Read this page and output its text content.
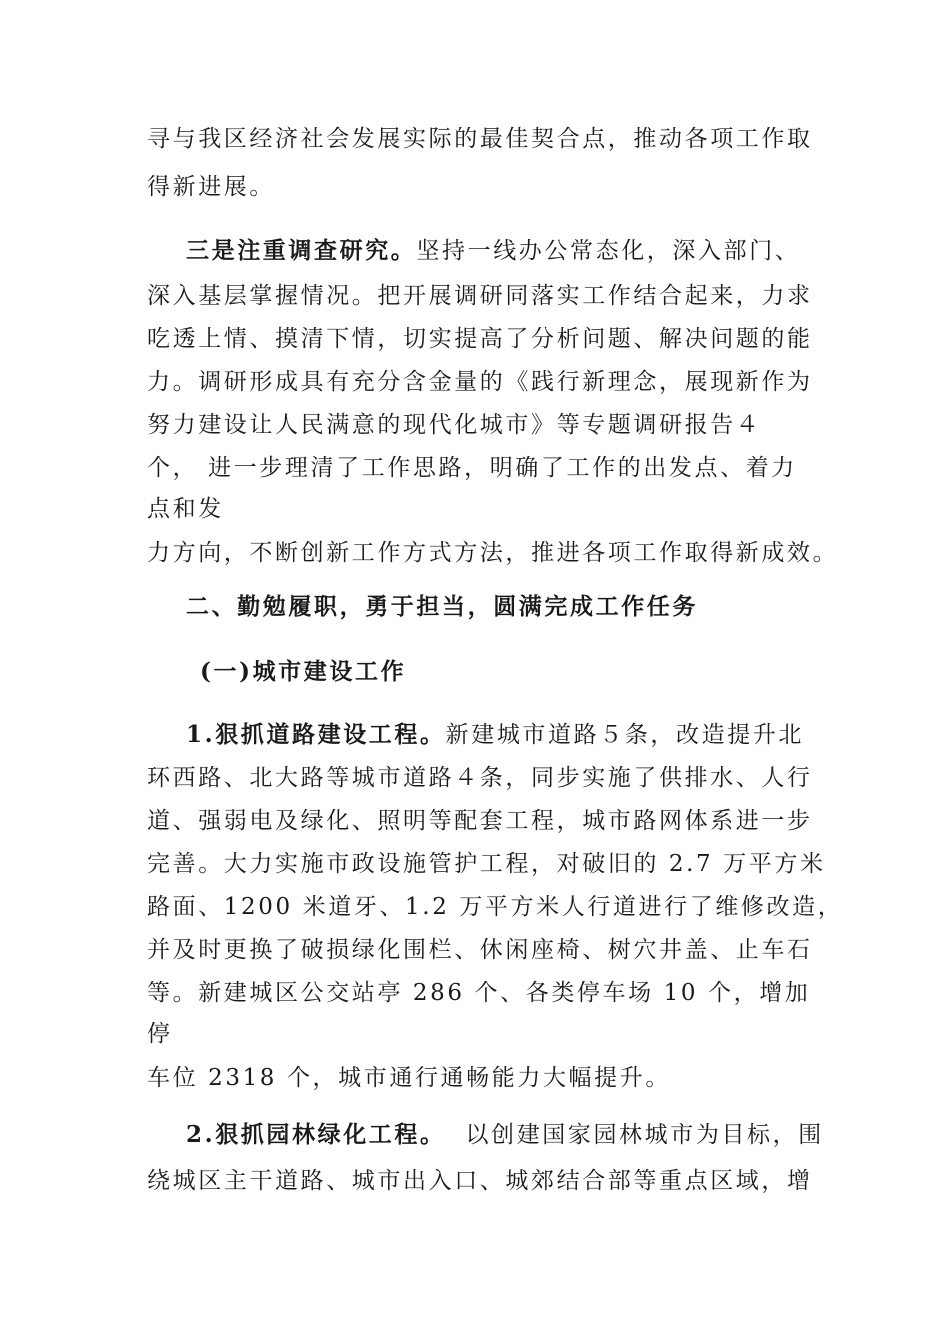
寻与我区经济社会发展实际的最佳契合点，推动各项工作取
得新进展。
三是注重调查研究。坚持一线办公常态化，深入部门、
深入基层掌握情况。把开展调研同落实工作结合起来，力求
吃透上情、摸清下情，切实提高了分析问题、解决问题的能
力。调研形成具有充分含金量的《践行新理念，展现新作为
努力建设让人民满意的现代化城市》等专题调研报告４
个， 进一步理清了工作思路，明确了工作的出发点、着力
点和发
力方向，不断创新工作方式方法，推进各项工作取得新成效。
二、勤勉履职，勇于担当，圆满完成工作任务
(一)城市建设工作
1.狠抓道路建设工程。新建城市道路５条，改造提升北
环西路、北大路等城市道路４条，同步实施了供排水、人行
道、强弱电及绿化、照明等配套工程，城市路网体系进一步
完善。大力实施市政设施管护工程，对破旧的 2.7 万平方米
路面、1200 米道牙、1.2 万平方米人行道进行了维修改造，
并及时更换了破损绿化围栏、休闲座椅、树穴井盖、止车石
等。新建城区公交站亭 286 个、各类停车场 10 个，增加
停
车位 2318 个，城市通行通畅能力大幅提升。
2.狠抓园林绿化工程。  以创建国家园林城市为目标，围
绕城区主干道路、城市出入口、城郊结合部等重点区域，增
